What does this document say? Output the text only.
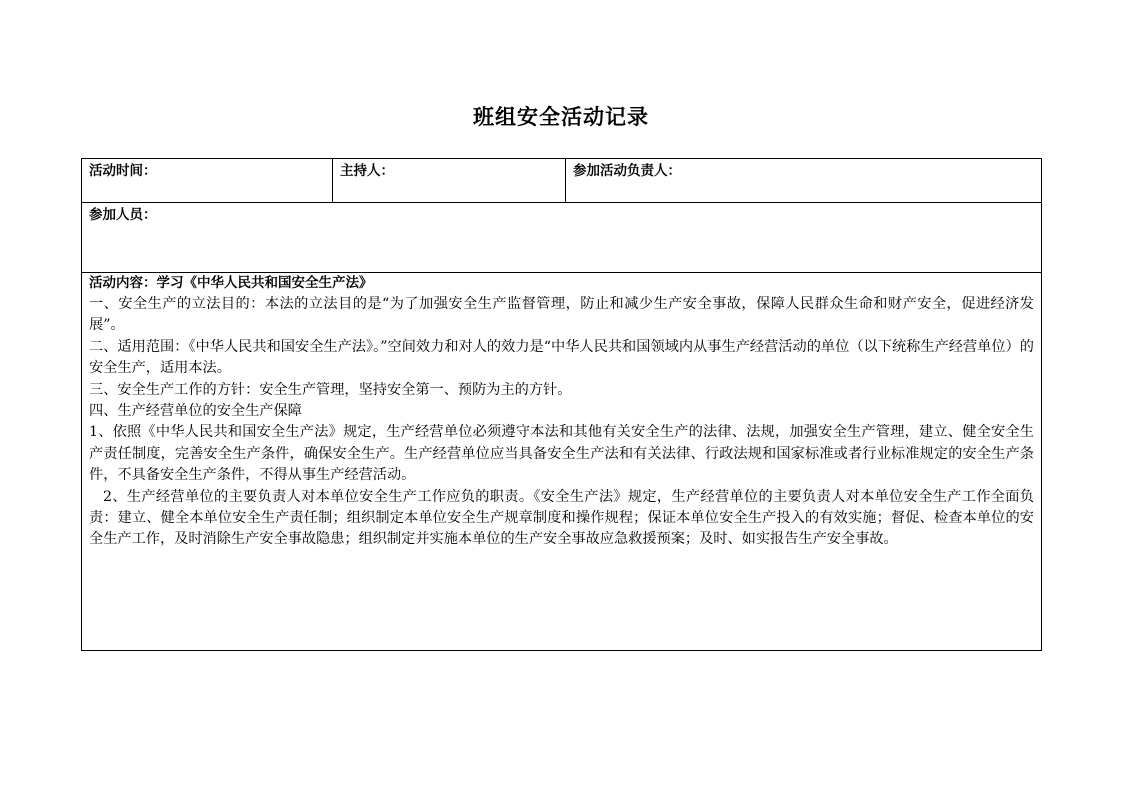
班组安全活动记录
活动时间：	主持人：	参加活动负责人：
参加人员：

活动内容：学习《中华人民共和国安全生产法》

一、安全生产的立法目的：本法的立法目的是“为了加强安全生产监督管理，防止和减少生产安全事故，保障人民群众生命和财产安全，促进经济发展”。

二、适用范围：《中华人民共和国安全生产法》。”空间效力和对人的效力是“中华人民共和国领域内从事生产经营活动的单位（以下统称生产经营单位）的安全生产，适用本法。

三、安全生产工作的方针：安全生产管理，坚持安全第一、预防为主的方针。

四、生产经营单位的安全生产保障

1、依照《中华人民共和国安全生产法》规定，生产经营单位必须遵守本法和其他有关安全生产的法律、法规，加强安全生产管理，建立、健全安全生产责任制度，完善安全生产条件，确保安全生产。生产经营单位应当具备安全生产法和有关法律、行政法规和国家标准或者行业标准规定的安全生产条件，不具备安全生产条件，不得从事生产经营活动。

2、生产经营单位的主要负责人对本单位安全生产工作应负的职责。《安全生产法》规定，生产经营单位的主要负责人对本单位安全生产工作全面负责：建立、健全本单位安全生产责任制；组织制定本单位安全生产规章制度和操作规程；保证本单位安全生产投入的有效实施；督促、检查本单位的安全生产工作，及时消除生产安全事故隐患；组织制定并实施本单位的生产安全事故应急救援预案；及时、如实报告生产安全事故。
